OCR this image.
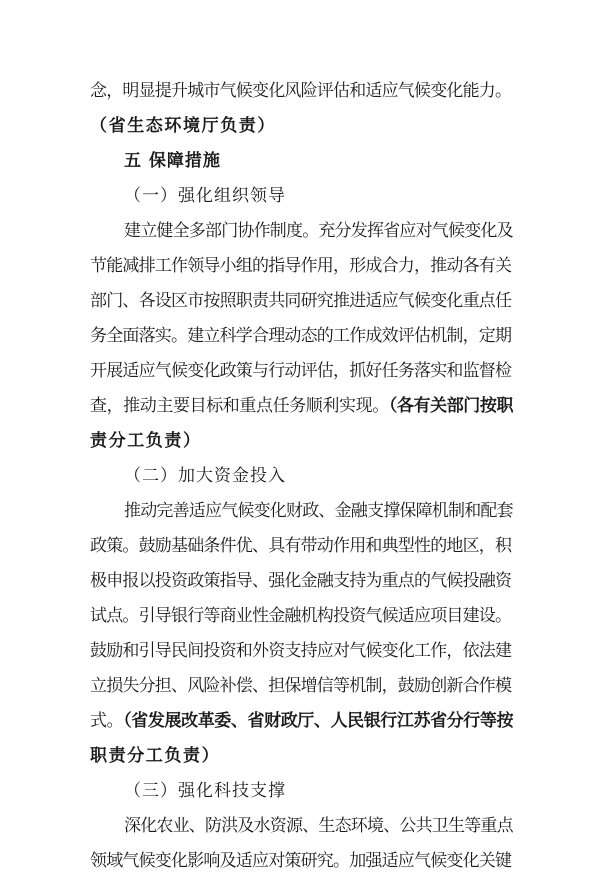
念，明显提升城市气候变化风险评估和适应气候变化能力。
（省生态环境厅负责）
五 保障措施
（一）强化组织领导
建立健全多部门协作制度。充分发挥省应对气候变化及
节能减排工作领导小组的指导作用，形成合力，推动各有关
部门、各设区市按照职责共同研究推进适应气候变化重点任
务全面落实。建立科学合理动态的工作成效评估机制，定期
开展适应气候变化政策与行动评估，抓好任务落实和监督检
查，推动主要目标和重点任务顺利实现。（各有关部门按职
责分工负责）
（二）加大资金投入
推动完善适应气候变化财政、金融支撑保障机制和配套
政策。鼓励基础条件优、具有带动作用和典型性的地区，积
极申报以投资政策指导、强化金融支持为重点的气候投融资
试点。引导银行等商业性金融机构投资气候适应项目建设。
鼓励和引导民间投资和外资支持应对气候变化工作，依法建
立损失分担、风险补偿、担保增信等机制，鼓励创新合作模
式。（省发展改革委、省财政厅、人民银行江苏省分行等按
职责分工负责）
（三）强化科技支撑
深化农业、防洪及水资源、生态环境、公共卫生等重点
领域气候变化影响及适应对策研究。加强适应气候变化关键
